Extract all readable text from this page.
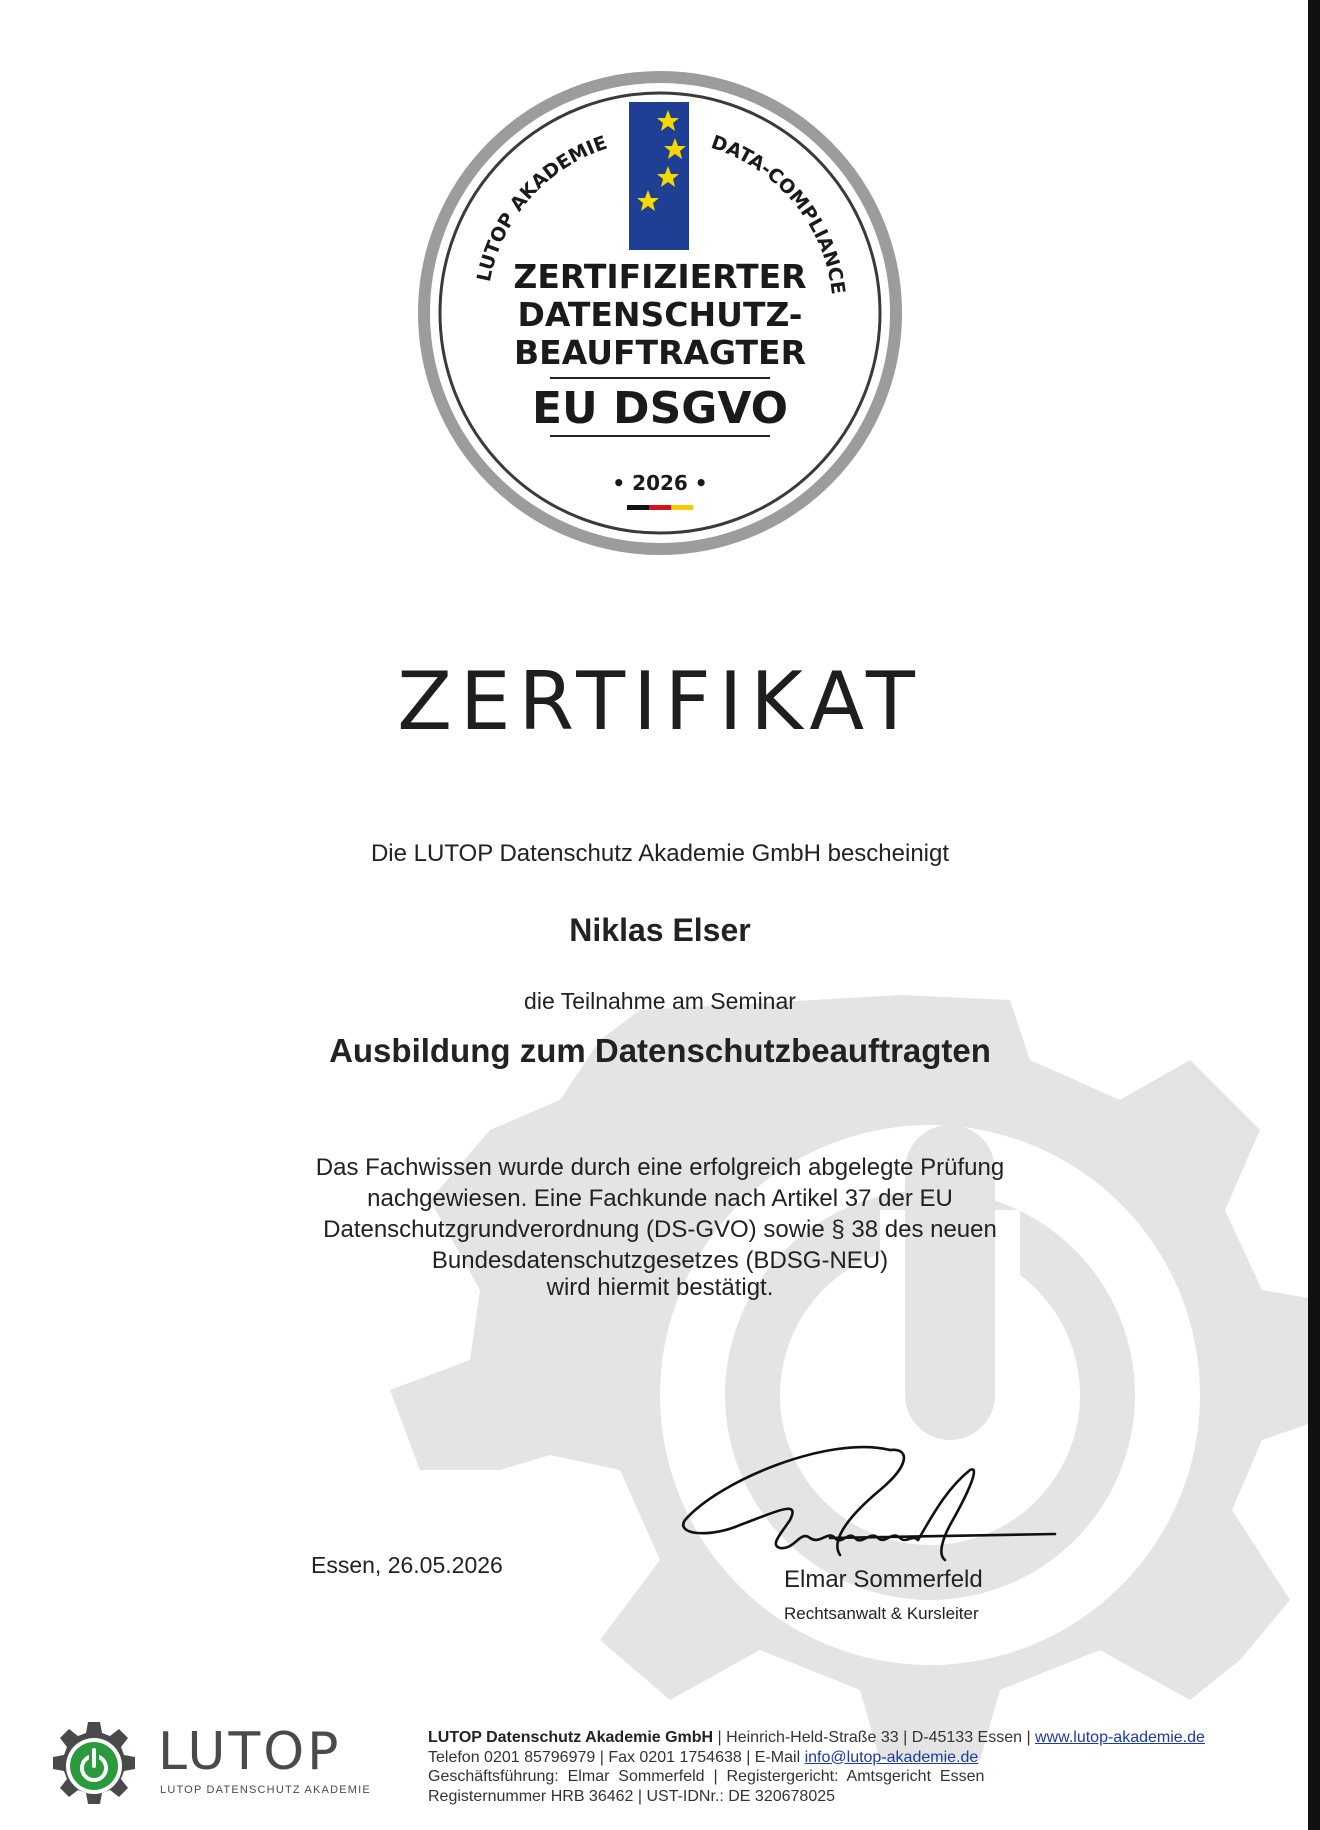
LUTOP AKADEMIE	DATA-COMPLIANCE
ZERTIFIZIERTER
DATENSCHUTZ-
BEAUFTRAGTER
EU DSGVO
• 2026 •
ZERTIFIKAT
Die LUTOP Datenschutz Akademie GmbH bescheinigt
Niklas Elser
die Teilnahme am Seminar
Ausbildung zum Datenschutzbeauftragten
Das Fachwissen wurde durch eine erfolgreich abgelegte Prüfung
nachgewiesen. Eine Fachkunde nach Artikel 37 der EU
Datenschutzgrundverordnung (DS-GVO) sowie § 38 des neuen
Bundesdatenschutzgesetzes (BDSG-NEU)
wird hiermit bestätigt.
Essen, 26.05.2026
Elmar Sommerfeld
Rechtsanwalt & Kursleiter
LUTOP
LUTOP DATENSCHUTZ AKADEMIE
LUTOP Datenschutz Akademie GmbH | Heinrich-Held-Straße 33 | D-45133 Essen | www.lutop-akademie.de
Telefon 0201 85796979 | Fax 0201 1754638 | E-Mail info@lutop-akademie.de
Geschäftsführung:  Elmar  Sommerfeld  |  Registergericht:  Amtsgericht  Essen
Registernummer HRB 36462 | UST-IDNr.: DE 320678025
